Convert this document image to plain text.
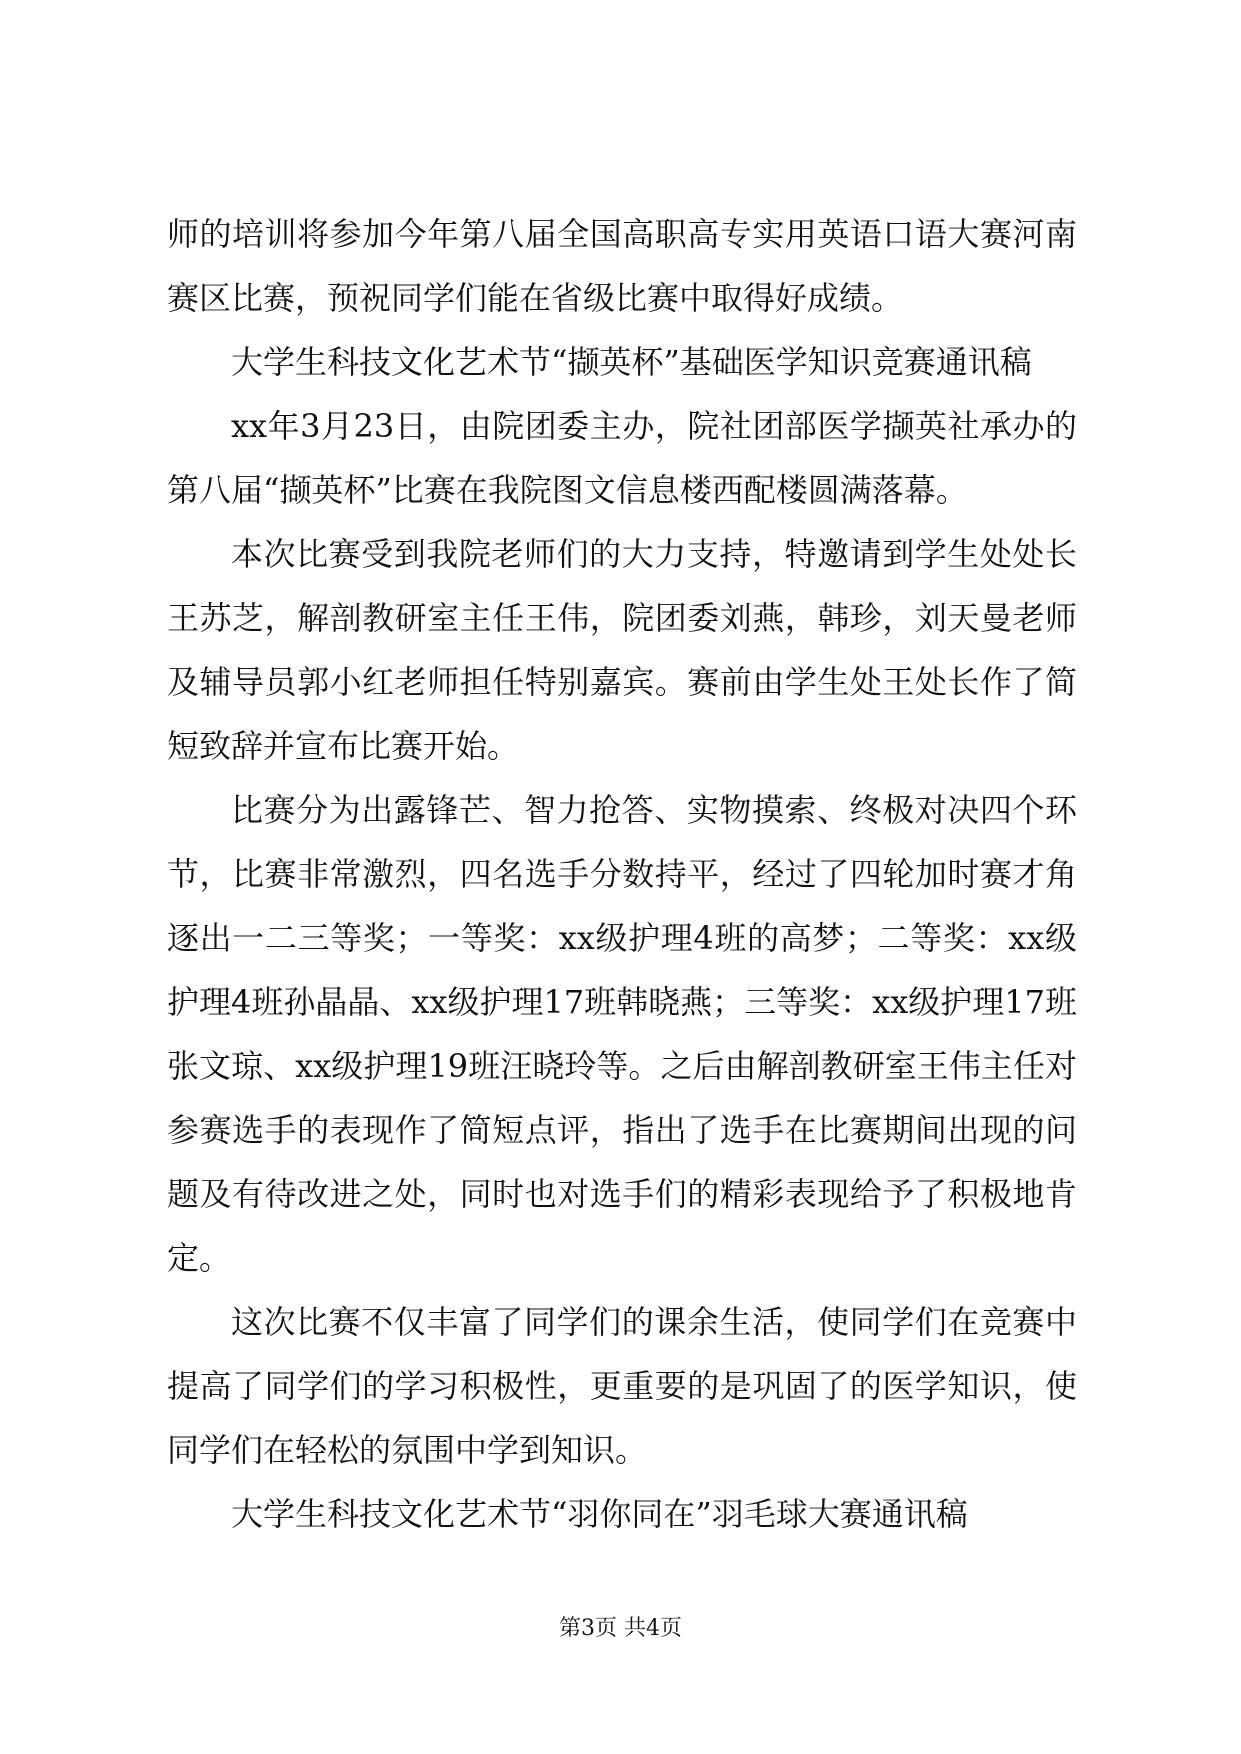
师的培训将参加今年第八届全国高职高专实用英语口语大赛河南赛区比赛，预祝同学们能在省级比赛中取得好成绩。

大学生科技文化艺术节“撷英杯”基础医学知识竞赛通讯稿

xx年3月23日，由院团委主办，院社团部医学撷英社承办的第八届“撷英杯”比赛在我院图文信息楼西配楼圆满落幕。

本次比赛受到我院老师们的大力支持，特邀请到学生处处长王苏芝，解剖教研室主任王伟，院团委刘燕，韩珍，刘天曼老师及辅导员郭小红老师担任特别嘉宾。赛前由学生处王处长作了简短致辞并宣布比赛开始。

比赛分为出露锋芒、智力抢答、实物摸索、终极对决四个环节，比赛非常激烈，四名选手分数持平，经过了四轮加时赛才角逐出一二三等奖；一等奖：xx级护理4班的高梦；二等奖：xx级护理4班孙晶晶、xx级护理17班韩晓燕；三等奖：xx级护理17班张文琼、xx级护理19班汪晓玲等。之后由解剖教研室王伟主任对参赛选手的表现作了简短点评，指出了选手在比赛期间出现的问题及有待改进之处，同时也对选手们的精彩表现给予了积极地肯定。

这次比赛不仅丰富了同学们的课余生活，使同学们在竞赛中提高了同学们的学习积极性，更重要的是巩固了的医学知识，使同学们在轻松的氛围中学到知识。

大学生科技文化艺术节“羽你同在”羽毛球大赛通讯稿

第3页 共4页
